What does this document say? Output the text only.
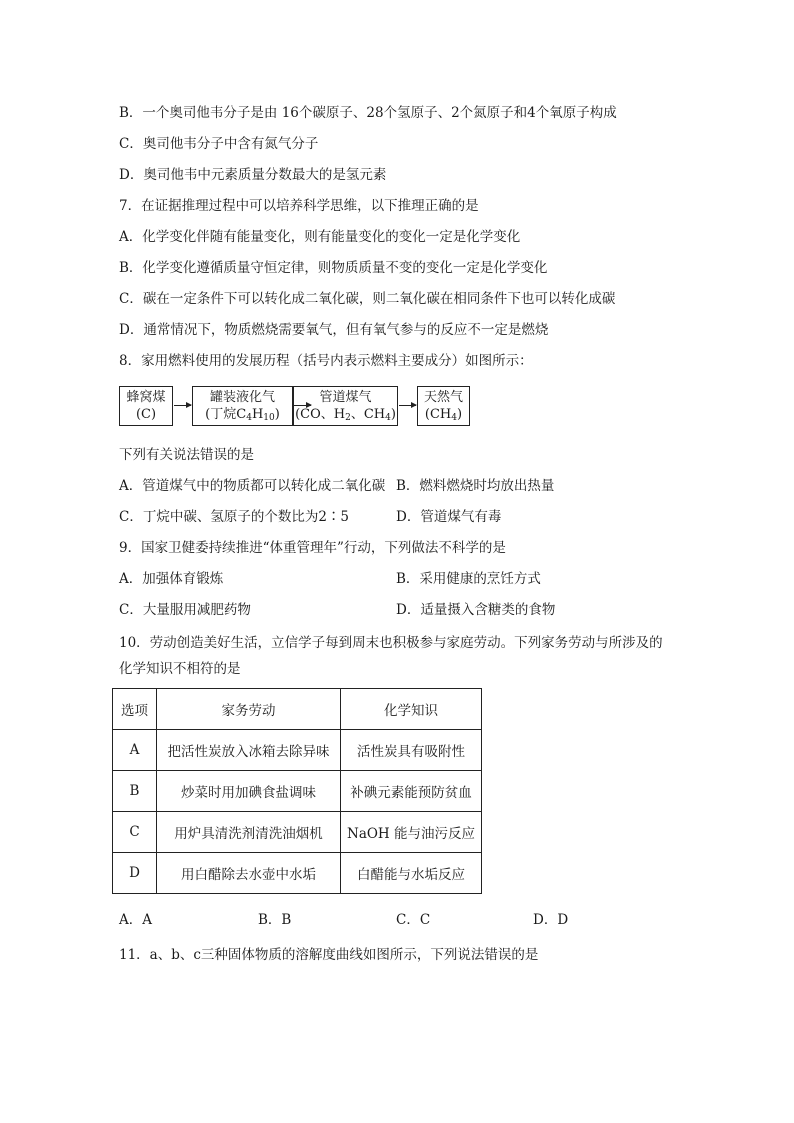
B．一个奥司他韦分子是由 16个碳原子、28个氢原子、2个氮原子和4个氧原子构成
C．奥司他韦分子中含有氮气分子
D．奥司他韦中元素质量分数最大的是氢元素
7．在证据推理过程中可以培养科学思维，以下推理正确的是
A．化学变化伴随有能量变化，则有能量变化的变化一定是化学变化
B．化学变化遵循质量守恒定律，则物质质量不变的变化一定是化学变化
C．碳在一定条件下可以转化成二氧化碳，则二氧化碳在相同条件下也可以转化成碳
D．通常情况下，物质燃烧需要氧气，但有氧气参与的反应不一定是燃烧
8．家用燃料使用的发展历程（括号内表示燃料主要成分）如图所示：
蜂窝煤
(C)
罐装液化气
(丁烷$C_4H_{10}$)
管道煤气
(CO、$H_2$、$CH_4$)
天然气
$(CH_4)$
下列有关说法错误的是
A．管道煤气中的物质都可以转化成二氧化碳 B．燃料燃烧时均放出热量
C．丁烷中碳、氢原子的个数比为2∶5	D．管道煤气有毒
9．国家卫健委持续推进“体重管理年”行动，下列做法不科学的是
A．加强体育锻炼	B．采用健康的烹饪方式
C．大量服用减肥药物	D．适量摄入含糖类的食物
10．劳动创造美好生活，立信学子每到周末也积极参与家庭劳动。下列家务劳动与所涉及的
化学知识不相符的是
选项	家务劳动	化学知识
A	把活性炭放入冰箱去除异味	活性炭具有吸附性
B	炒菜时用加碘食盐调味	补碘元素能预防贫血
C	用炉具清洗剂清洗油烟机	NaOH 能与油污反应
D	用白醋除去水壶中水垢	白醋能与水垢反应
A．A	B．B	C．C	D．D
11．a、b、c三种固体物质的溶解度曲线如图所示，下列说法错误的是
